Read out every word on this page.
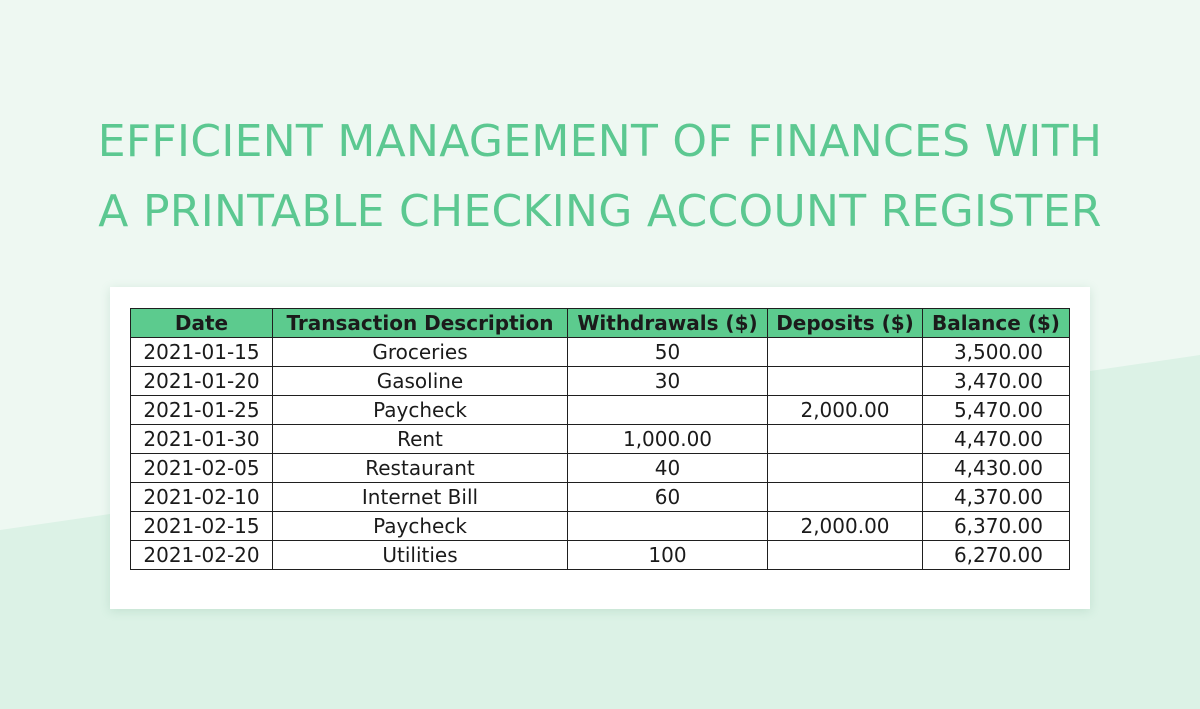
EFFICIENT MANAGEMENT OF FINANCES WITH
A PRINTABLE CHECKING ACCOUNT REGISTER
Date	Transaction Description	Withdrawals ($)	Deposits ($)	Balance ($)
2021-01-15	Groceries	50		3,500.00
2021-01-20	Gasoline	30		3,470.00
2021-01-25	Paycheck		2,000.00	5,470.00
2021-01-30	Rent	1,000.00		4,470.00
2021-02-05	Restaurant	40		4,430.00
2021-02-10	Internet Bill	60		4,370.00
2021-02-15	Paycheck		2,000.00	6,370.00
2021-02-20	Utilities	100		6,270.00
